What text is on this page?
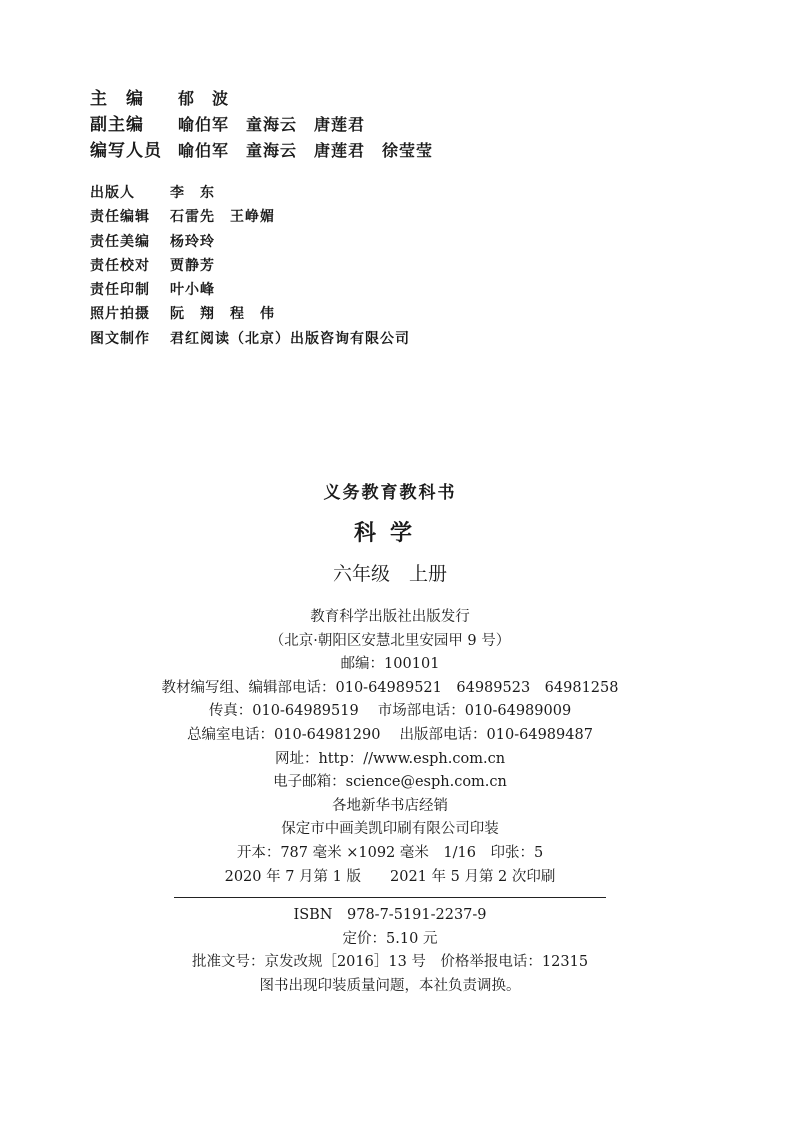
主　编	郁　波
副主编	喻伯军　童海云　唐莲君
编写人员	喻伯军　童海云　唐莲君　徐莹莹
出版人	李　东
责任编辑	石雷先　王峥媚
责任美编	杨玲玲
责任校对	贾静芳
责任印制	叶小峰
照片拍摄	阮　翔　程　伟
图文制作	君红阅读（北京）出版咨询有限公司
义务教育教科书
科学
六年级　上册
教育科学出版社出版发行
（北京·朝阳区安慧北里安园甲 9 号）
邮编：100101
教材编写组、编辑部电话：010-64989521　64989523　64981258
传真：010-64989519　 市场部电话：010-64989009
总编室电话：010-64981290　 出版部电话：010-64989487
网址：http：//www.esph.com.cn
电子邮箱：science@esph.com.cn
各地新华书店经销
保定市中画美凯印刷有限公司印装
开本：787 毫米 ×1092 毫米　1/16　印张：5
2020 年 7 月第 1 版　　2021 年 5 月第 2 次印刷
ISBN　978-7-5191-2237-9
定价：5.10 元
批准文号：京发改规［2016］13 号　价格举报电话：12315
图书出现印装质量问题，本社负责调换。
